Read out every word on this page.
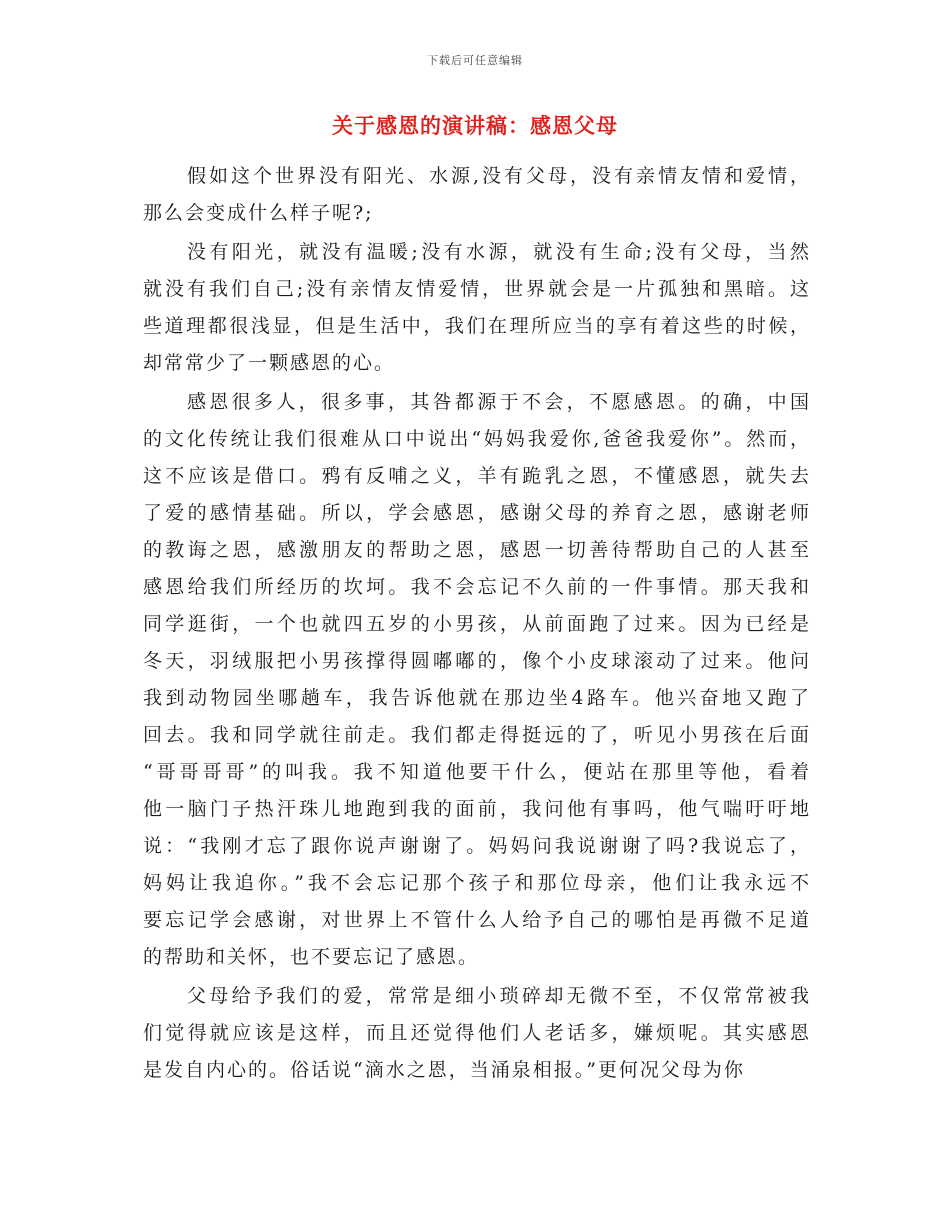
下载后可任意编辑
关于感恩的演讲稿：感恩父母
假如这个世界没有阳光、水源,没有父母，没有亲情友情和爱情，
那么会变成什么样子呢?;
没有阳光，就没有温暖;没有水源，就没有生命;没有父母，当然
就没有我们自己;没有亲情友情爱情，世界就会是一片孤独和黑暗。这
些道理都很浅显，但是生活中，我们在理所应当的享有着这些的时候，
却常常少了一颗感恩的心。
感恩很多人，很多事，其咎都源于不会，不愿感恩。的确，中国
的文化传统让我们很难从口中说出“妈妈我爱你,爸爸我爱你”。然而，
这不应该是借口。鸦有反哺之义，羊有跪乳之恩，不懂感恩，就失去
了爱的感情基础。所以，学会感恩，感谢父母的养育之恩，感谢老师
的教诲之恩，感激朋友的帮助之恩，感恩一切善待帮助自己的人甚至
感恩给我们所经历的坎坷。我不会忘记不久前的一件事情。那天我和
同学逛街，一个也就四五岁的小男孩，从前面跑了过来。因为已经是
冬天，羽绒服把小男孩撑得圆嘟嘟的，像个小皮球滚动了过来。他问
我到动物园坐哪趟车，我告诉他就在那边坐4路车。他兴奋地又跑了
回去。我和同学就往前走。我们都走得挺远的了，听见小男孩在后面
“哥哥哥哥”的叫我。我不知道他要干什么，便站在那里等他，看着
他一脑门子热汗珠儿地跑到我的面前，我问他有事吗，他气喘吁吁地
说：“我刚才忘了跟你说声谢谢了。妈妈问我说谢谢了吗?我说忘了，
妈妈让我追你。”我不会忘记那个孩子和那位母亲，他们让我永远不
要忘记学会感谢，对世界上不管什么人给予自己的哪怕是再微不足道
的帮助和关怀，也不要忘记了感恩。
父母给予我们的爱，常常是细小琐碎却无微不至，不仅常常被我
们觉得就应该是这样，而且还觉得他们人老话多，嫌烦呢。其实感恩
是发自内心的。俗话说“滴水之恩，当涌泉相报。”更何况父母为你
